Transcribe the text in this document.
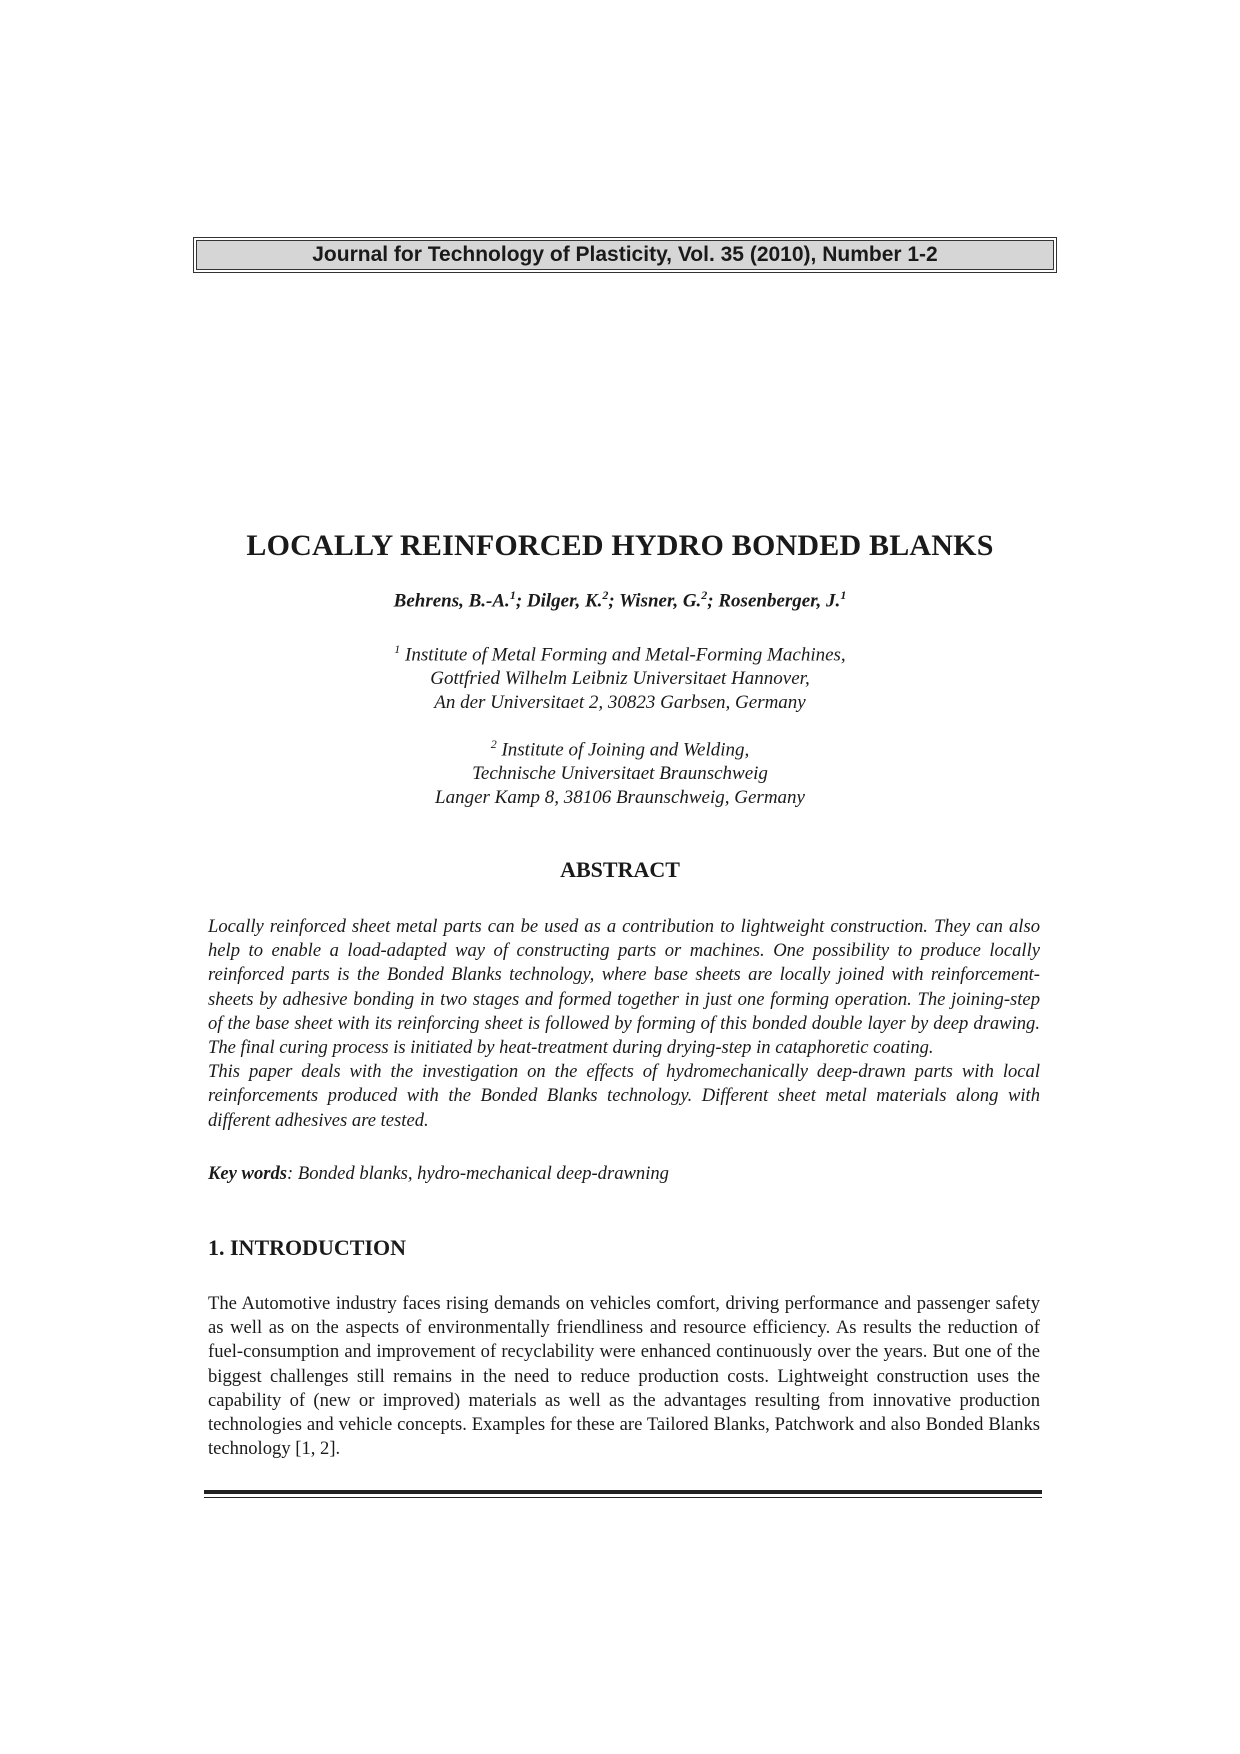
Journal for Technology of Plasticity, Vol. 35 (2010), Number 1-2
LOCALLY REINFORCED HYDRO BONDED BLANKS
Behrens, B.-A.$^1$; Dilger, K.$^2$; Wisner, G.$^2$; Rosenberger, J.$^1$
$^1$ Institute of Metal Forming and Metal-Forming Machines,
Gottfried Wilhelm Leibniz Universitaet Hannover,
An der Universitaet 2, 30823 Garbsen, Germany
$^2$ Institute of Joining and Welding,
Technische Universitaet Braunschweig
Langer Kamp 8, 38106 Braunschweig, Germany
ABSTRACT

Locally reinforced sheet metal parts can be used as a contribution to lightweight construction. They can also help to enable a load-adapted way of constructing parts or machines. One possibility to produce locally reinforced parts is the Bonded Blanks technology, where base sheets are locally joined with reinforcement-sheets by adhesive bonding in two stages and formed together in just one forming operation. The joining-step of the base sheet with its reinforcing sheet is followed by forming of this bonded double layer by deep drawing. The final curing process is initiated by heat-treatment during drying-step in cataphoretic coating.

This paper deals with the investigation on the effects of hydromechanically deep-drawn parts with local reinforcements produced with the Bonded Blanks technology. Different sheet metal materials along with different adhesives are tested.

Key words: Bonded blanks, hydro-mechanical deep-drawning
1. INTRODUCTION

The Automotive industry faces rising demands on vehicles comfort, driving performance and passenger safety as well as on the aspects of environmentally friendliness and resource efficiency. As results the reduction of fuel-consumption and improvement of recyclability were enhanced continuously over the years. But one of the biggest challenges still remains in the need to reduce production costs. Lightweight construction uses the capability of (new or improved) materials as well as the advantages resulting from innovative production technologies and vehicle concepts. Examples for these are Tailored Blanks, Patchwork and also Bonded Blanks technology [1, 2].
